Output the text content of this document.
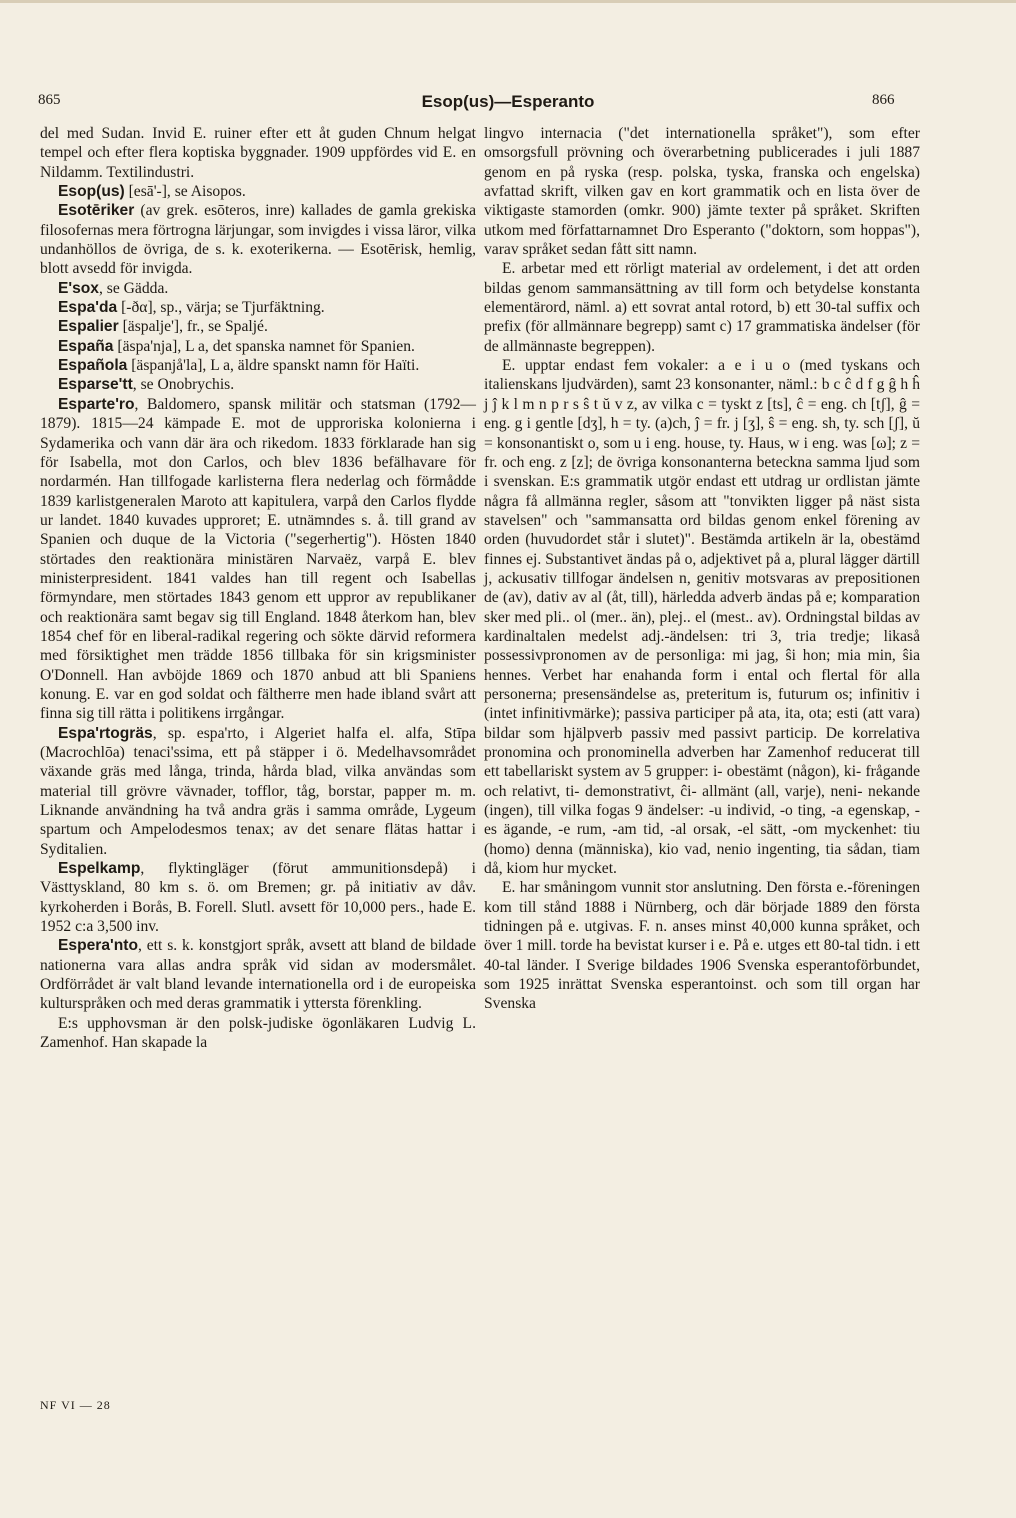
865	Esop(us)—Esperanto	866

del med Sudan. Invid E. ruiner efter ett åt guden Chnum helgat tempel och efter flera koptiska byggnader. 1909 uppfördes vid E. en Nildamm. Textilindustri.

Esop(us) [esā'-], se Aisopos.

Esotēriker (av grek. esōteros, inre) kallades de gamla grekiska filosofernas mera förtrogna lärjungar, som invigdes i vissa läror, vilka undanhöllos de övriga, de s. k. exoterikerna. — Esotērisk, hemlig, blott avsedd för invigda.

E'sox, se Gädda.

Espa'da [-ðα], sp., värja; se Tjurfäktning.

Espalier [äspaljе'], fr., se Spaljé.

España [äspa'nja], L a, det spanska namnet för Spanien.

Española [äspanjå'la], L a, äldre spanskt namn för Haïti.

Esparse'tt, se Onobrychis.

Esparte'ro, Baldomero, spansk militär och statsman (1792—1879). 1815—24 kämpade E. mot de upproriska kolonierna i Sydamerika och vann där ära och rikedom. 1833 förklarade han sig för Isabella, mot don Carlos, och blev 1836 befälhavare för nordarmén. Han tillfogade karlisterna flera nederlag och förmådde 1839 karlistgeneralen Maroto att kapitulera, varpå den Carlos flydde ur landet. 1840 kuvades upproret; E. utnämndes s. å. till grand av Spanien och duque de la Victoria ("segerhertig"). Hösten 1840 störtades den reaktionära ministären Narvaëz, varpå E. blev ministerpresident. 1841 valdes han till regent och Isabellas förmyndare, men störtades 1843 genom ett uppror av republikaner och reaktionära samt begav sig till England. 1848 återkom han, blev 1854 chef för en liberal-radikal regering och sökte därvid reformera med försiktighet men trädde 1856 tillbaka för sin krigsminister O'Donnell. Han avböjde 1869 och 1870 anbud att bli Spaniens konung. E. var en god soldat och fältherre men hade ibland svårt att finna sig till rätta i politikens irrgångar.

Espa'rtogräs, sp. espa'rto, i Algeriet halfa el. alfa, Stīpa (Macrochlōa) tenaci'ssima, ett på stäpper i ö. Medelhavsområdet växande gräs med långa, trinda, hårda blad, vilka användas som material till grövre vävnader, tofflor, tåg, borstar, papper m. m. Liknande användning ha två andra gräs i samma område, Lygeum spartum och Ampelodesmos tenax; av det senare flätas hattar i Syditalien.

Espelkamp, flyktingläger (förut ammunitionsdepå) i Västtyskland, 80 km s. ö. om Bremen; gr. på initiativ av dåv. kyrkoherden i Borås, B. Forell. Slutl. avsett för 10,000 pers., hade E. 1952 c:a 3,500 inv.

Espera'nto, ett s. k. konstgjort språk, avsett att bland de bildade nationerna vara allas andra språk vid sidan av modersmålet. Ordförrådet är valt bland levande internationella ord i de europeiska kulturspråken och med deras grammatik i yttersta förenkling.

E:s upphovsman är den polsk-judiske ögonläkaren Ludvig L. Zamenhof. Han skapade la

lingvo internacia ("det internationella språket"), som efter omsorgsfull prövning och överarbetning publicerades i juli 1887 genom en på ryska (resp. polska, tyska, franska och engelska) avfattad skrift, vilken gav en kort grammatik och en lista över de viktigaste stamorden (omkr. 900) jämte texter på språket. Skriften utkom med författarnamnet Dro Esperanto ("doktorn, som hoppas"), varav språket sedan fått sitt namn.

E. arbetar med ett rörligt material av ordelement, i det att orden bildas genom sammansättning av till form och betydelse konstanta elementärord, näml. a) ett sovrat antal rotord, b) ett 30-tal suffix och prefix (för allmännare begrepp) samt c) 17 grammatiska ändelser (för de allmännaste begreppen).

E. upptar endast fem vokaler: a e i u o (med tyskans och italienskans ljudvärden), samt 23 konsonanter, näml.: b c ĉ d f g ĝ h ĥ j ĵ k l m n p r s ŝ t ŭ v z, av vilka c = tyskt z [ts], ĉ = eng. ch [tʃ], ĝ = eng. g i gentle [dʒ], h = ty. (a)ch, ĵ = fr. j [ʒ], ŝ = eng. sh, ty. sch [ʃ], ŭ = konsonantiskt o, som u i eng. house, ty. Haus, w i eng. was [ω]; z = fr. och eng. z [z]; de övriga konsonanterna beteckna samma ljud som i svenskan. E:s grammatik utgör endast ett utdrag ur ordlistan jämte några få allmänna regler, såsom att "tonvikten ligger på näst sista stavelsen" och "sammansatta ord bildas genom enkel förening av orden (huvudordet står i slutet)". Bestämda artikeln är la, obestämd finnes ej. Substantivet ändas på o, adjektivet på a, plural lägger därtill j, ackusativ tillfogar ändelsen n, genitiv motsvaras av prepositionen de (av), dativ av al (åt, till), härledda adverb ändas på e; komparation sker med pli.. ol (mer.. än), plej.. el (mest.. av). Ordningstal bildas av kardinaltalen medelst adj.-ändelsen: tri 3, tria tredje; likaså possessivpronomen av de personliga: mi jag, ŝi hon; mia min, ŝia hennes. Verbet har enahanda form i ental och flertal för alla personerna; presensändelse as, preteritum is, futurum os; infinitiv i (intet infinitivmärke); passiva participer på ata, ita, ota; esti (att vara) bildar som hjälpverb passiv med passivt particip. De korrelativa pronomina och pronominella adverben har Zamenhof reducerat till ett tabellariskt system av 5 grupper: i- obestämt (någon), ki- frågande och relativt, ti- demonstrativt, ĉi- allmänt (all, varje), neni- nekande (ingen), till vilka fogas 9 ändelser: -u individ, -o ting, -a egenskap, -es ägande, -e rum, -am tid, -al orsak, -el sätt, -om myckenhet: tiu (homo) denna (människa), kio vad, nenio ingenting, tia sådan, tiam då, kiom hur mycket.

E. har småningom vunnit stor anslutning. Den första e.-föreningen kom till stånd 1888 i Nürnberg, och där började 1889 den första tidningen på e. utgivas. F. n. anses minst 40,000 kunna språket, och över 1 mill. torde ha bevistat kurser i e. På e. utges ett 80-tal tidn. i ett 40-tal länder. I Sverige bildades 1906 Svenska esperantoförbundet, som 1925 inrättat Svenska esperantoinst. och som till organ har Svenska

NF VI — 28
